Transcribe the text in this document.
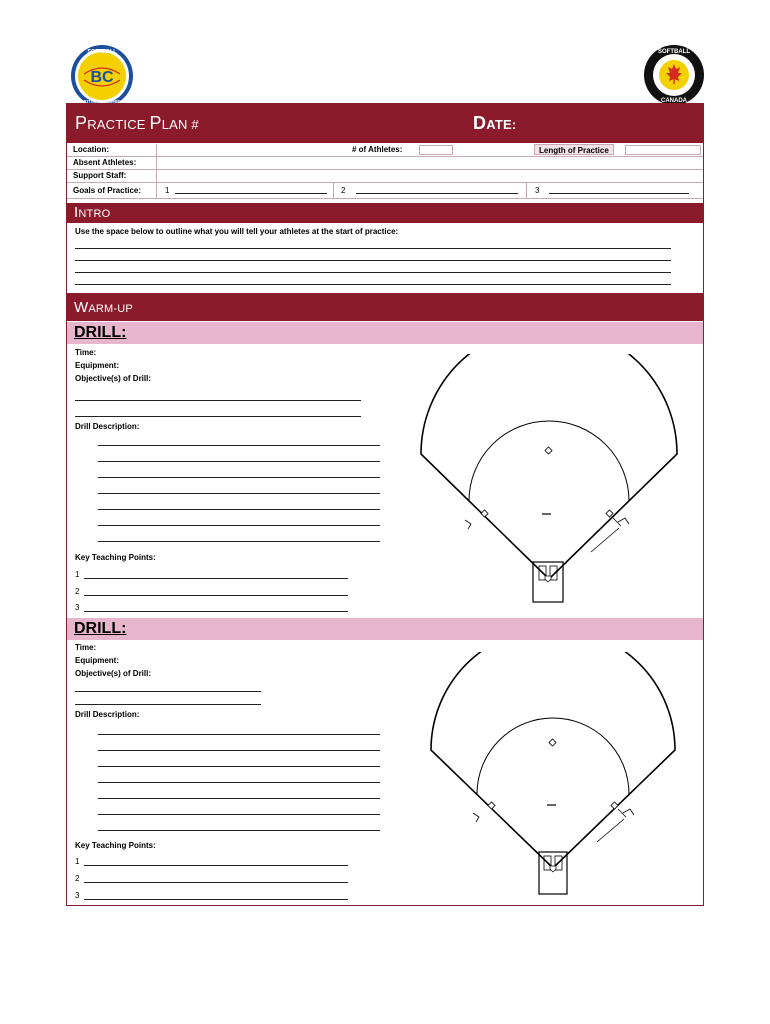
BC
SOFTBALL
BRITISH COLUMBIA
SOFTBALL
CANADA
PRACTICE PLAN #	DATE:
Location:	# of Athletes:	Length of Practice
Absent Athletes:
Support Staff:
Goals of Practice:	1	2	3
INTRO
Use the space below to outline what you will tell your athletes at the start of practice:
WARM-UP
DRILL:
Time:
Equipment:
Objective(s) of Drill:
Drill Description:
Key Teaching Points:
1
2
3
DRILL:
Time:
Equipment:
Objective(s) of Drill:
Drill Description:
Key Teaching Points:
1
2
3
